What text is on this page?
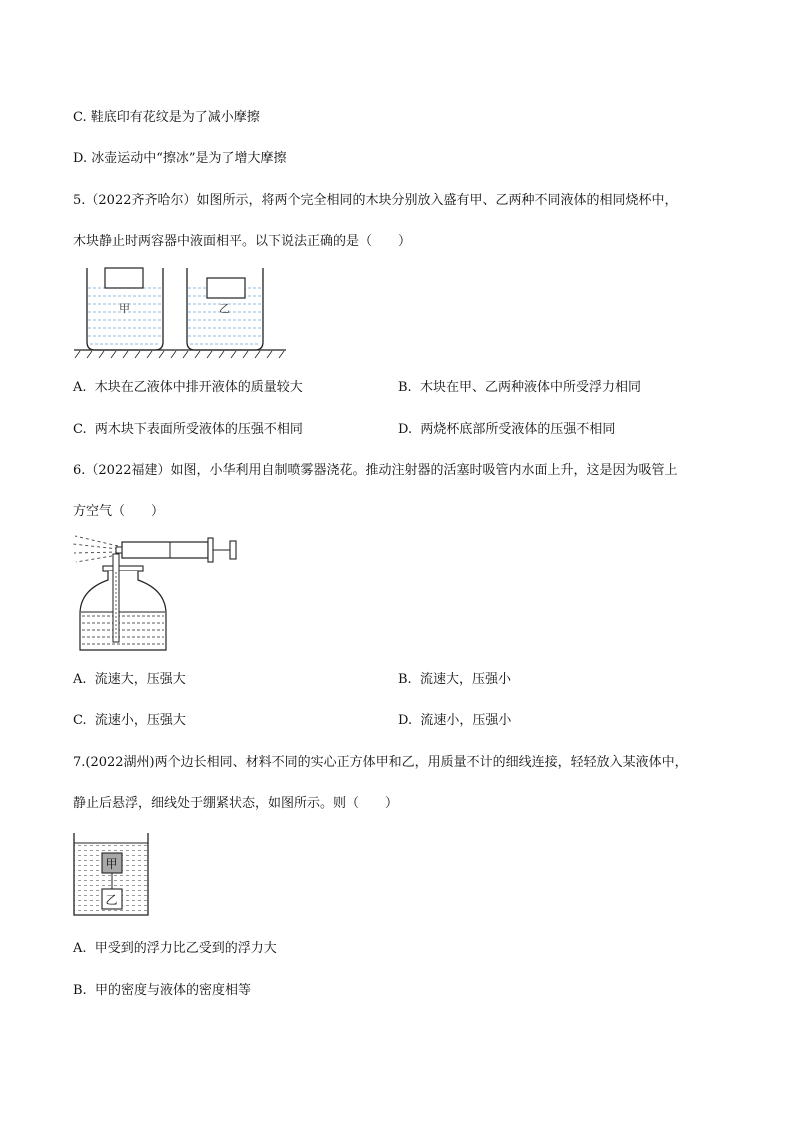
C. 鞋底印有花纹是为了减小摩擦
D. 冰壶运动中“擦冰”是为了增大摩擦
5.（2022齐齐哈尔）如图所示，将两个完全相同的木块分别放入盛有甲、乙两种不同液体的相同烧杯中，
木块静止时两容器中液面相平。以下说法正确的是（　　）
甲	乙
A. 木块在乙液体中排开液体的质量较大	B. 木块在甲、乙两种液体中所受浮力相同
C. 两木块下表面所受液体的压强不相同	D. 两烧杯底部所受液体的压强不相同
6.（2022福建）如图，小华利用自制喷雾器浇花。推动注射器的活塞时吸管内水面上升，这是因为吸管上
方空气（　　）
A. 流速大，压强大	B. 流速大，压强小
C. 流速小，压强大	D. 流速小，压强小
7.(2022湖州)两个边长相同、材料不同的实心正方体甲和乙，用质量不计的细线连接，轻轻放入某液体中，
静止后悬浮，细线处于绷紧状态，如图所示。则（　　）
甲
乙
A. 甲受到的浮力比乙受到的浮力大
B. 甲的密度与液体的密度相等
